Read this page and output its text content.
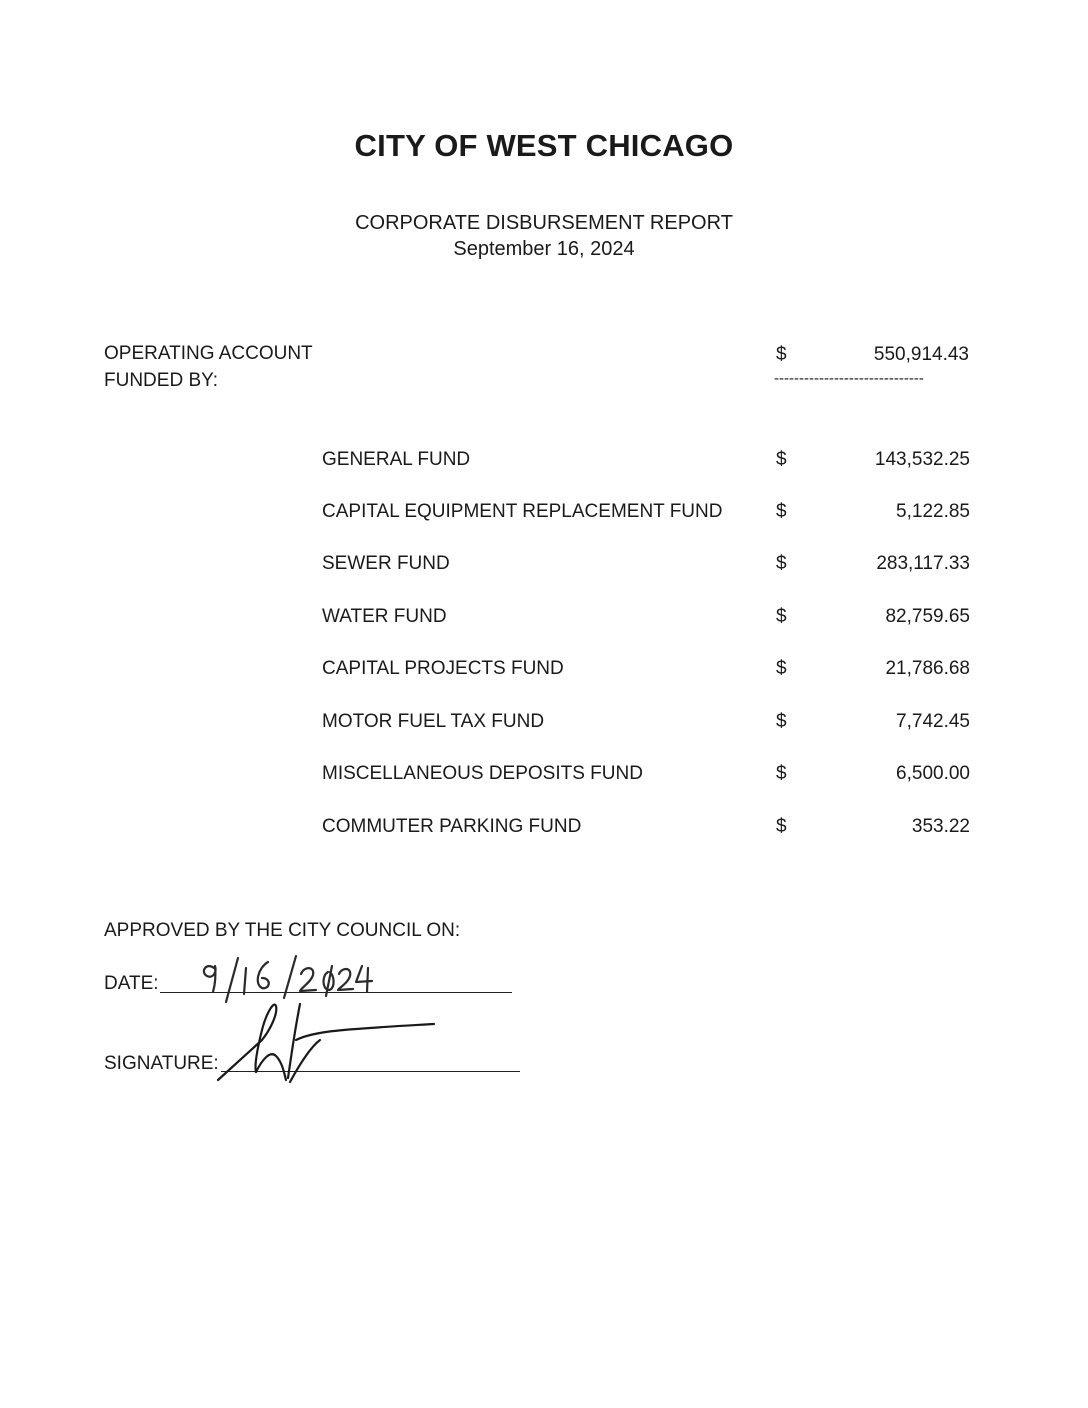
CITY OF WEST CHICAGO
CORPORATE DISBURSEMENT REPORT
September 16, 2024
OPERATING ACCOUNT
FUNDED BY:
$	550,914.43
------------------------------
GENERAL FUND	$	143,532.25
CAPITAL EQUIPMENT REPLACEMENT FUND	$	5,122.85
SEWER FUND	$	283,117.33
WATER FUND	$	82,759.65
CAPITAL PROJECTS FUND	$	21,786.68
MOTOR FUEL TAX FUND	$	7,742.45
MISCELLANEOUS DEPOSITS FUND	$	6,500.00
COMMUTER PARKING FUND	$	353.22
APPROVED BY THE CITY COUNCIL ON:
DATE:
SIGNATURE:
